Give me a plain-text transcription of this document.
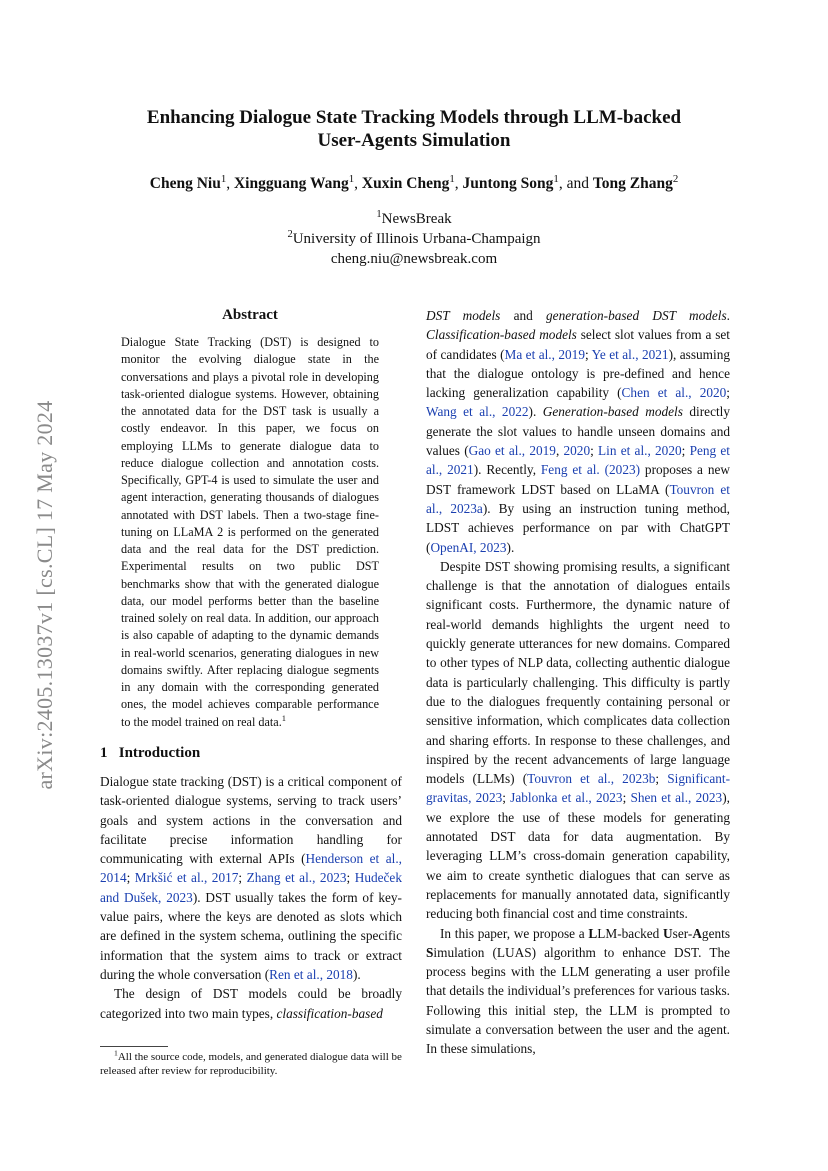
arXiv:2405.13037v1 [cs.CL] 17 May 2024
Enhancing Dialogue State Tracking Models through LLM-backed
User-Agents Simulation
Cheng Niu$^1$, Xingguang Wang$^1$, Xuxin Cheng$^1$, Juntong Song$^1$, and Tong Zhang$^2$
$^1$NewsBreak
$^2$University of Illinois Urbana-Champaign
cheng.niu@newsbreak.com
Abstract
Dialogue State Tracking (DST) is designed to monitor the evolving dialogue state in the conversations and plays a pivotal role in developing task-oriented dialogue systems. However, obtaining the annotated data for the DST task is usually a costly endeavor. In this paper, we focus on employing LLMs to generate dialogue data to reduce dialogue collection and annotation costs. Specifically, GPT-4 is used to simulate the user and agent interaction, generating thousands of dialogues annotated with DST labels. Then a two-stage fine-tuning on LLaMA 2 is performed on the generated data and the real data for the DST prediction. Experimental results on two public DST benchmarks show that with the generated dialogue data, our model performs better than the baseline trained solely on real data. In addition, our approach is also capable of adapting to the dynamic demands in real-world scenarios, generating dialogues in new domains swiftly. After replacing dialogue segments in any domain with the corresponding generated ones, the model achieves comparable performance to the model trained on real data.$^1$
1 Introduction

Dialogue state tracking (DST) is a critical component of task-oriented dialogue systems, serving to track users’ goals and system actions in the conversation and facilitate precise information handling for communicating with external APIs (Henderson et al., 2014; Mrkšić et al., 2017; Zhang et al., 2023; Hudeček and Dušek, 2023). DST usually takes the form of key-value pairs, where the keys are denoted as slots which are defined in the system schema, outlining the specific information that the system aims to track or extract during the whole conversation (Ren et al., 2018).

The design of DST models could be broadly categorized into two main types, classification-based

DST models and generation-based DST models. Classification-based models select slot values from a set of candidates (Ma et al., 2019; Ye et al., 2021), assuming that the dialogue ontology is pre-defined and hence lacking generalization capability (Chen et al., 2020; Wang et al., 2022). Generation-based models directly generate the slot values to handle unseen domains and values (Gao et al., 2019, 2020; Lin et al., 2020; Peng et al., 2021). Recently, Feng et al. (2023) proposes a new DST framework LDST based on LLaMA (Touvron et al., 2023a). By using an instruction tuning method, LDST achieves performance on par with ChatGPT (OpenAI, 2023).

Despite DST showing promising results, a significant challenge is that the annotation of dialogues entails significant costs. Furthermore, the dynamic nature of real-world demands highlights the urgent need to quickly generate utterances for new domains. Compared to other types of NLP data, collecting authentic dialogue data is particularly challenging. This difficulty is partly due to the dialogues frequently containing personal or sensitive information, which complicates data collection and sharing efforts. In response to these challenges, and inspired by the recent advancements of large language models (LLMs) (Touvron et al., 2023b; Significant-gravitas, 2023; Jablonka et al., 2023; Shen et al., 2023), we explore the use of these models for generating annotated DST data for data augmentation. By leveraging LLM’s cross-domain generation capability, we aim to create synthetic dialogues that can serve as replacements for manually annotated data, significantly reducing both financial cost and time constraints.

In this paper, we propose a LLM-backed User-Agents Simulation (LUAS) algorithm to enhance DST. The process begins with the LLM generating a user profile that details the individual’s preferences for various tasks. Following this initial step, the LLM is prompted to simulate a conversation between the user and the agent. In these simulations,

$^1$All the source code, models, and generated dialogue data will be released after review for reproducibility.
